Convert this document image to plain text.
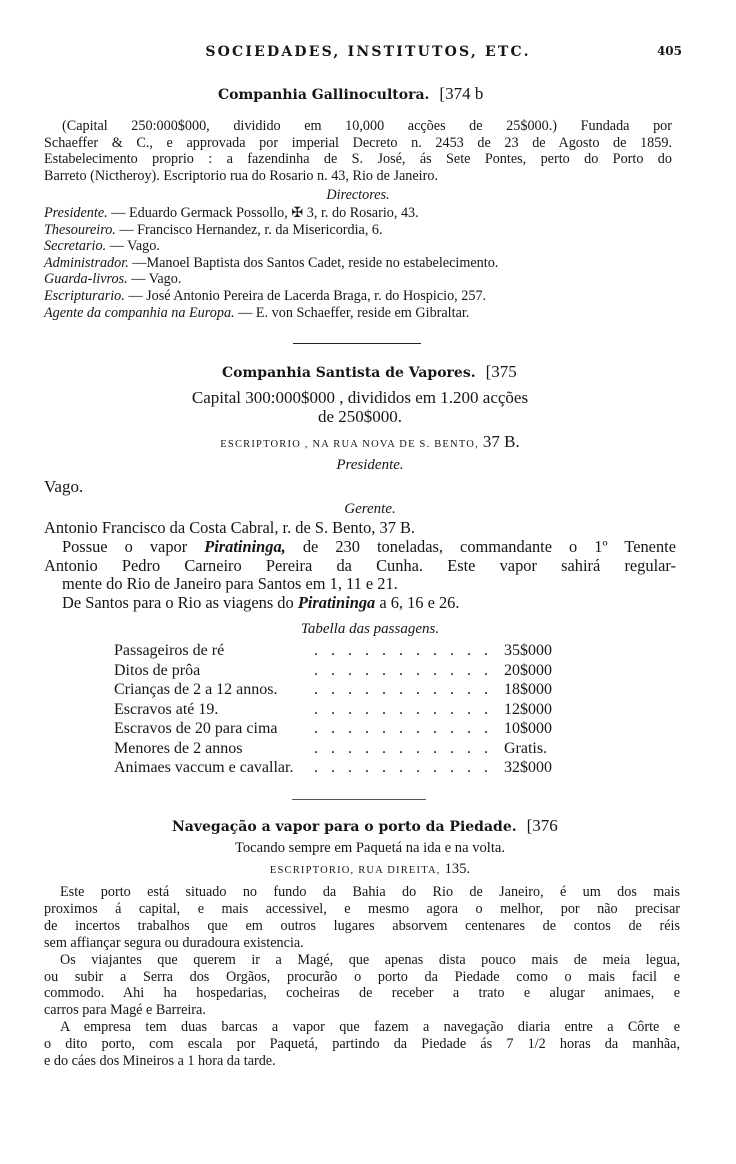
SOCIEDADES, INSTITUTOS, ETC.	405
Companhia Gallinocultora. [374 b
(Capital 250:000$000, dividido em 10,000 acções de 25$000.) Fundada por
Schaeffer & C., e approvada por imperial Decreto n. 2453 de 23 de Agosto de 1859.
Estabelecimento proprio : a fazendinha de S. José, ás Sete Pontes, perto do Porto do
Barreto (Nictheroy). Escriptorio rua do Rosario n. 43, Rio de Janeiro.
Directores.
Presidente. — Eduardo Germack Possollo, ✠ 3, r. do Rosario, 43.
Thesoureiro. — Francisco Hernandez, r. da Misericordia, 6.
Secretario. — Vago.
Administrador. —Manoel Baptista dos Santos Cadet, reside no estabelecimento.
Guarda-livros. — Vago.
Escripturario. — José Antonio Pereira de Lacerda Braga, r. do Hospicio, 257.
Agente da companhia na Europa. — E. von Schaeffer, reside em Gibraltar.
Companhia Santista de Vapores. [375
Capital 300:000$000 , divididos em 1.200 acções
de 250$000.
ESCRIPTORIO , NA RUA NOVA DE S. BENTO, 37 B.
Presidente.
Vago.
Gerente.
Antonio Francisco da Costa Cabral, r. de S. Bento, 37 B.
Possue o vapor Piratininga, de 230 toneladas, commandante o 1º Tenente
Antonio Pedro Carneiro Pereira da Cunha. Este vapor sahirá regular-
mente do Rio de Janeiro para Santos em 1, 11 e 21.
De Santos para o Rio as viagens do Piratininga a 6, 16 e 26.
Tabella das passagens.
Passageiros de ré	........... 35$000
Ditos de prôa	........... 20$000
Crianças de 2 a 12 annos.	........... 18$000
Escravos até 19.	........... 12$000
Escravos de 20 para cima	........... 10$000
Menores de 2 annos	........... Gratis.
Animaes vaccum e cavallar.	........... 32$000
Navegação a vapor para o porto da Piedade. [376
Tocando sempre em Paquetá na ida e na volta.
ESCRIPTORIO, RUA DIREITA, 135.
Este porto está situado no fundo da Bahia do Rio de Janeiro, é um dos mais
proximos á capital, e mais accessivel, e mesmo agora o melhor, por não precisar
de incertos trabalhos que em outros lugares absorvem centenares de contos de réis
sem affiançar segura ou duradoura existencia.
Os viajantes que querem ir a Magé, que apenas dista pouco mais de meia legua,
ou subir a Serra dos Orgãos, procurão o porto da Piedade como o mais facil e
commodo. Ahi ha hospedarias, cocheiras de receber a trato e alugar animaes, e
carros para Magé e Barreira.
A empresa tem duas barcas a vapor que fazem a navegação diaria entre a Côrte e
o dito porto, com escala por Paquetá, partindo da Piedade ás 7 1/2 horas da manhãa,
e do cáes dos Mineiros a 1 hora da tarde.
